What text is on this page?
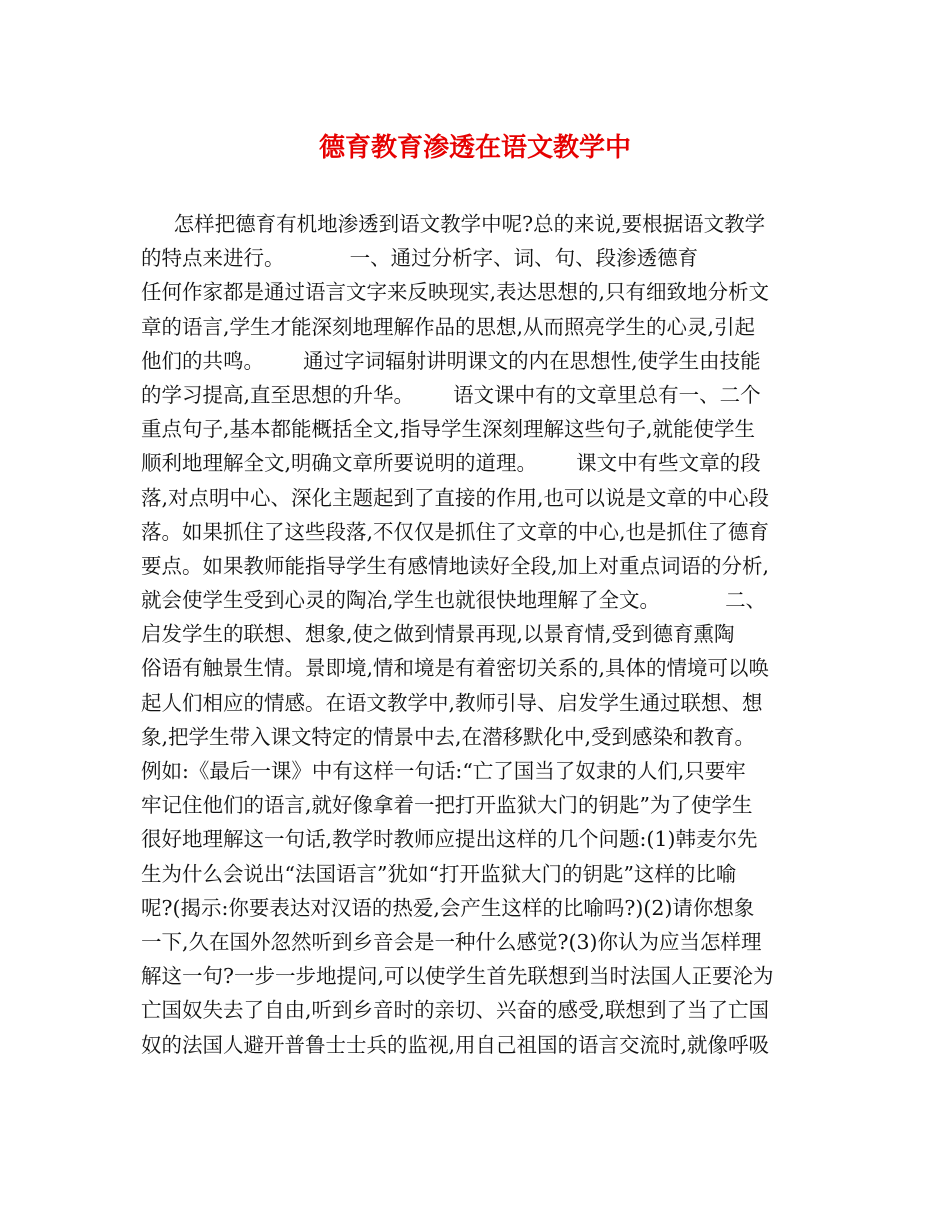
德育教育渗透在语文教学中
怎样把德育有机地渗透到语文教学中呢?总的来说,要根据语文教学
的特点来进行。          一、通过分析字、词、句、段渗透德育
任何作家都是通过语言文字来反映现实,表达思想的,只有细致地分析文
章的语言,学生才能深刻地理解作品的思想,从而照亮学生的心灵,引起
他们的共鸣。      通过字词辐射讲明课文的内在思想性,使学生由技能
的学习提高,直至思想的升华。      语文课中有的文章里总有一、二个
重点句子,基本都能概括全文,指导学生深刻理解这些句子,就能使学生
顺利地理解全文,明确文章所要说明的道理。      课文中有些文章的段
落,对点明中心、深化主题起到了直接的作用,也可以说是文章的中心段
落。如果抓住了这些段落,不仅仅是抓住了文章的中心,也是抓住了德育
要点。如果教师能指导学生有感情地读好全段,加上对重点词语的分析,
就会使学生受到心灵的陶冶,学生也就很快地理解了全文。          二、
启发学生的联想、想象,使之做到情景再现,以景育情,受到德育熏陶
俗语有触景生情。景即境,情和境是有着密切关系的,具体的情境可以唤
起人们相应的情感。在语文教学中,教师引导、启发学生通过联想、想
象,把学生带入课文特定的情景中去,在潜移默化中,受到感染和教育。
例如:《最后一课》中有这样一句话:“亡了国当了奴隶的人们,只要牢
牢记住他们的语言,就好像拿着一把打开监狱大门的钥匙”为了使学生
很好地理解这一句话,教学时教师应提出这样的几个问题:(1)韩麦尔先
生为什么会说出“法国语言”犹如“打开监狱大门的钥匙”这样的比喻
呢?(揭示:你要表达对汉语的热爱,会产生这样的比喻吗?)(2)请你想象
一下,久在国外忽然听到乡音会是一种什么感觉?(3)你认为应当怎样理
解这一句?一步一步地提问,可以使学生首先联想到当时法国人正要沦为
亡国奴失去了自由,听到乡音时的亲切、兴奋的感受,联想到了当了亡国
奴的法国人避开普鲁士士兵的监视,用自己祖国的语言交流时,就像呼吸
